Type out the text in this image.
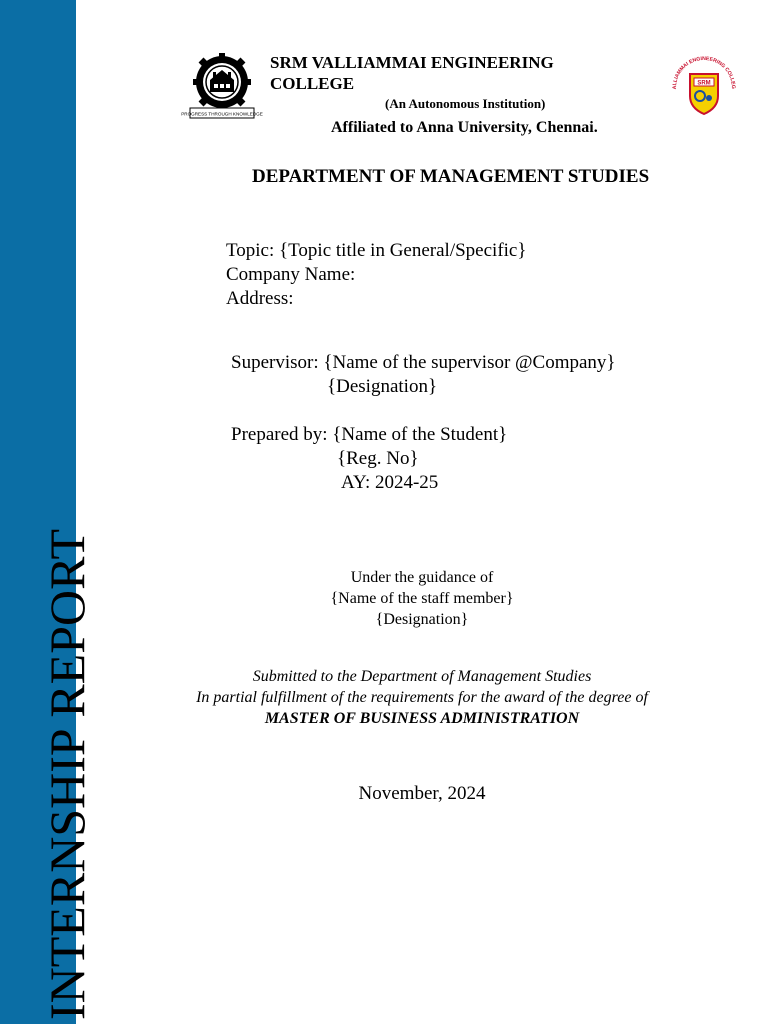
INTERNSHIP REPORT
PROGRESS THROUGH KNOWLEDGE
SRM VALLIAMMAI ENGINEERING
COLLEGE
(An Autonomous Institution)
Affiliated to Anna University, Chennai.
ALLIAMMAI ENGINEERING COLLEG
SRM
DEPARTMENT OF MANAGEMENT STUDIES
Topic: {Topic title in General/Specific}
Company Name:
Address:
Supervisor: {Name of the supervisor @Company}
{Designation}
Prepared by: {Name of the Student}
{Reg. No}
AY: 2024-25
Under the guidance of
{Name of the staff member}
{Designation}
Submitted to the Department of Management Studies
In partial fulfillment of the requirements for the award of the degree of
MASTER OF BUSINESS ADMINISTRATION
November, 2024
